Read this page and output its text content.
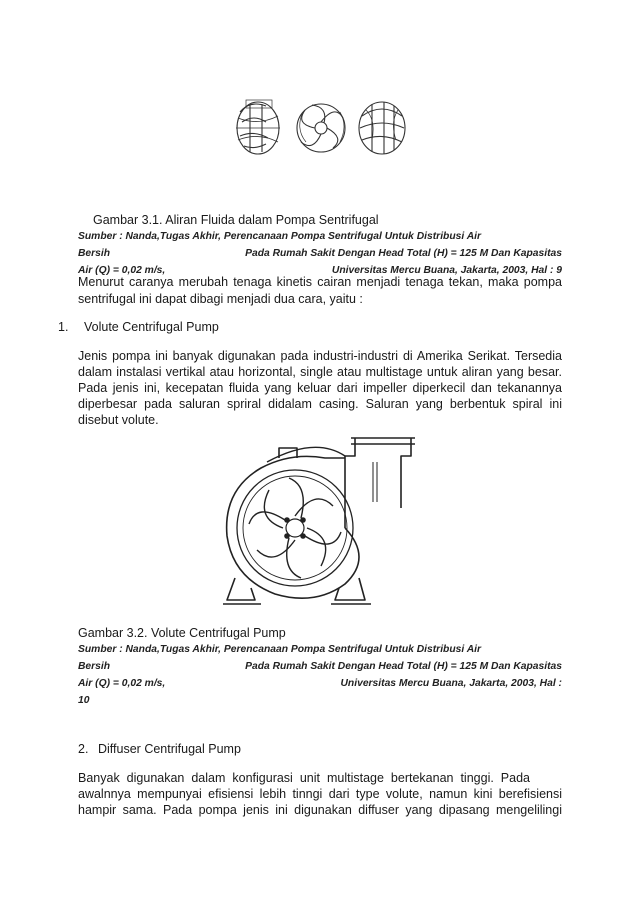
Gambar 3.1. Aliran Fluida dalam Pompa Sentrifugal
Sumber : Nanda,Tugas Akhir, Perencanaan Pompa Sentrifugal Untuk Distribusi Air
Bersih	Pada Rumah Sakit Dengan Head Total (H) = 125 M Dan Kapasitas
Air (Q) = 0,02 m/s,	Universitas Mercu Buana, Jakarta, 2003, Hal : 9
Menurut caranya merubah tenaga kinetis cairan menjadi tenaga tekan, maka pompa
sentrifugal ini dapat dibagi menjadi dua cara, yaitu :
1. Volute Centrifugal Pump
Jenis pompa ini banyak digunakan pada industri-industri di Amerika Serikat. Tersedia
dalam instalasi vertikal atau horizontal, single atau multistage untuk aliran yang besar.
Pada jenis ini, kecepatan fluida yang keluar dari impeller diperkecil dan tekanannya
diperbesar pada saluran spriral didalam casing. Saluran yang berbentuk spiral ini
disebut volute.
Gambar 3.2. Volute Centrifugal Pump
Sumber : Nanda,Tugas Akhir, Perencanaan Pompa Sentrifugal Untuk Distribusi Air
Bersih	Pada Rumah Sakit Dengan Head Total (H) = 125 M Dan Kapasitas
Air (Q) = 0,02 m/s,	Universitas Mercu Buana, Jakarta, 2003, Hal :
10
2. Diffuser Centrifugal Pump
Banyak digunakan dalam konfigurasi unit multistage bertekanan tinggi. Pada
awalnnya mempunyai efisiensi lebih tinngi dari type volute, namun kini berefisiensi
hampir sama. Pada pompa jenis ini digunakan diffuser yang dipasang mengelilingi
